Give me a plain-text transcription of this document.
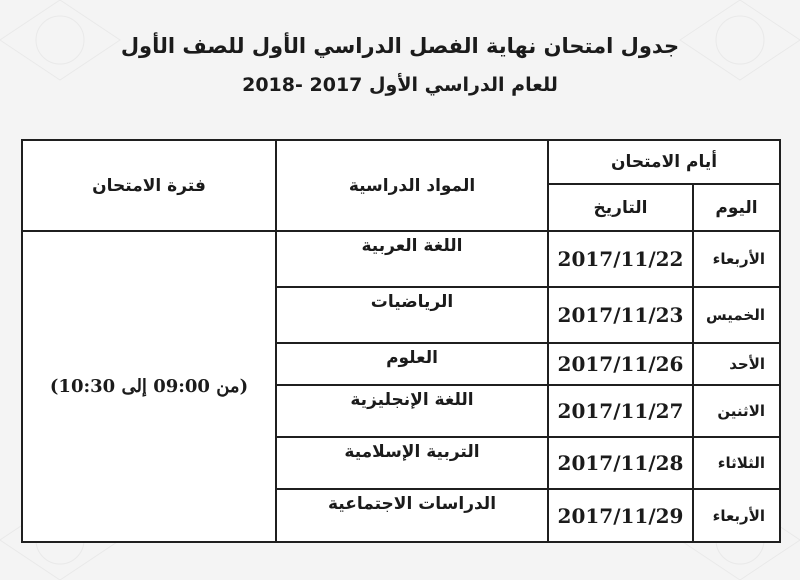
جدول امتحان نهاية الفصل الدراسي الأول للصف الأول
للعام الدراسي الأول 2017 -2018
فترة الامتحان	المواد الدراسية	أيام الامتحان	
		التاريخ	اليوم
(من 09:00 إلى 10:30)	اللغة العربية	2017/11/22	الأربعاء
	الرياضيات	2017/11/23	الخميس
	العلوم	2017/11/26	الأحد
	اللغة الإنجليزية	2017/11/27	الاثنين
	التربية الإسلامية	2017/11/28	الثلاثاء
	الدراسات الاجتماعية	2017/11/29	الأربعاء
